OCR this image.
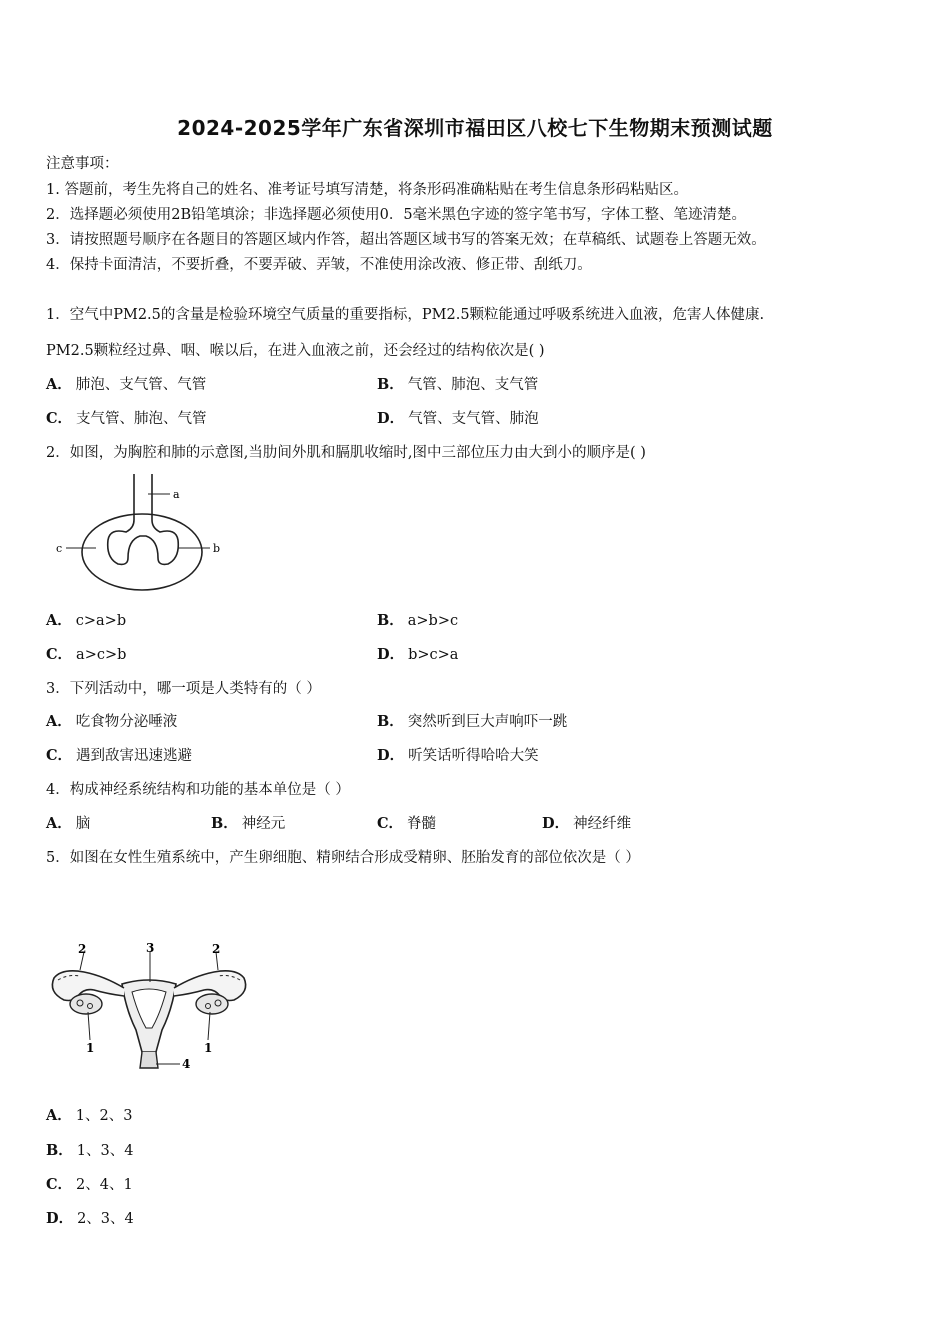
2024-2025学年广东省深圳市福田区八校七下生物期末预测试题
注意事项：
1. 答题前，考生先将自己的姓名、准考证号填写清楚，将条形码准确粘贴在考生信息条形码粘贴区。
2．选择题必须使用2B铅笔填涂；非选择题必须使用0．5毫米黑色字迹的签字笔书写，字体工整、笔迹清楚。
3．请按照题号顺序在各题目的答题区域内作答，超出答题区域书写的答案无效；在草稿纸、试题卷上答题无效。
4．保持卡面清洁，不要折叠，不要弄破、弄皱，不准使用涂改液、修正带、刮纸刀。
1．空气中PM2.5的含量是检验环境空气质量的重要指标，PM2.5颗粒能通过呼吸系统进入血液，危害人体健康.
PM2.5颗粒经过鼻、咽、喉以后，在进入血液之前，还会经过的结构依次是( )
A． 肺泡、支气管、气管	B． 气管、肺泡、支气管
C． 支气管、肺泡、气管	D． 气管、支气管、肺泡
2．如图，为胸腔和肺的示意图,当肋间外肌和膈肌收缩时,图中三部位压力由大到小的顺序是( )
a
c	b
A． c>a>b	B． a>b>c
C． a>c>b	D． b>c>a
3．下列活动中，哪一项是人类特有的（ ）
A． 吃食物分泌唾液	B． 突然听到巨大声响吓一跳
C． 遇到敌害迅速逃避	D． 听笑话听得哈哈大笑
4．构成神经系统结构和功能的基本单位是（ ）
A． 脑	B． 神经元	C． 脊髓	D． 神经纤维
5．如图在女性生殖系统中，产生卵细胞、精卵结合形成受精卵、胚胎发育的部位依次是（ ）
2	3	2
1	1
4
A． 1、2、3
B． 1、3、4
C． 2、4、1
D． 2、3、4
